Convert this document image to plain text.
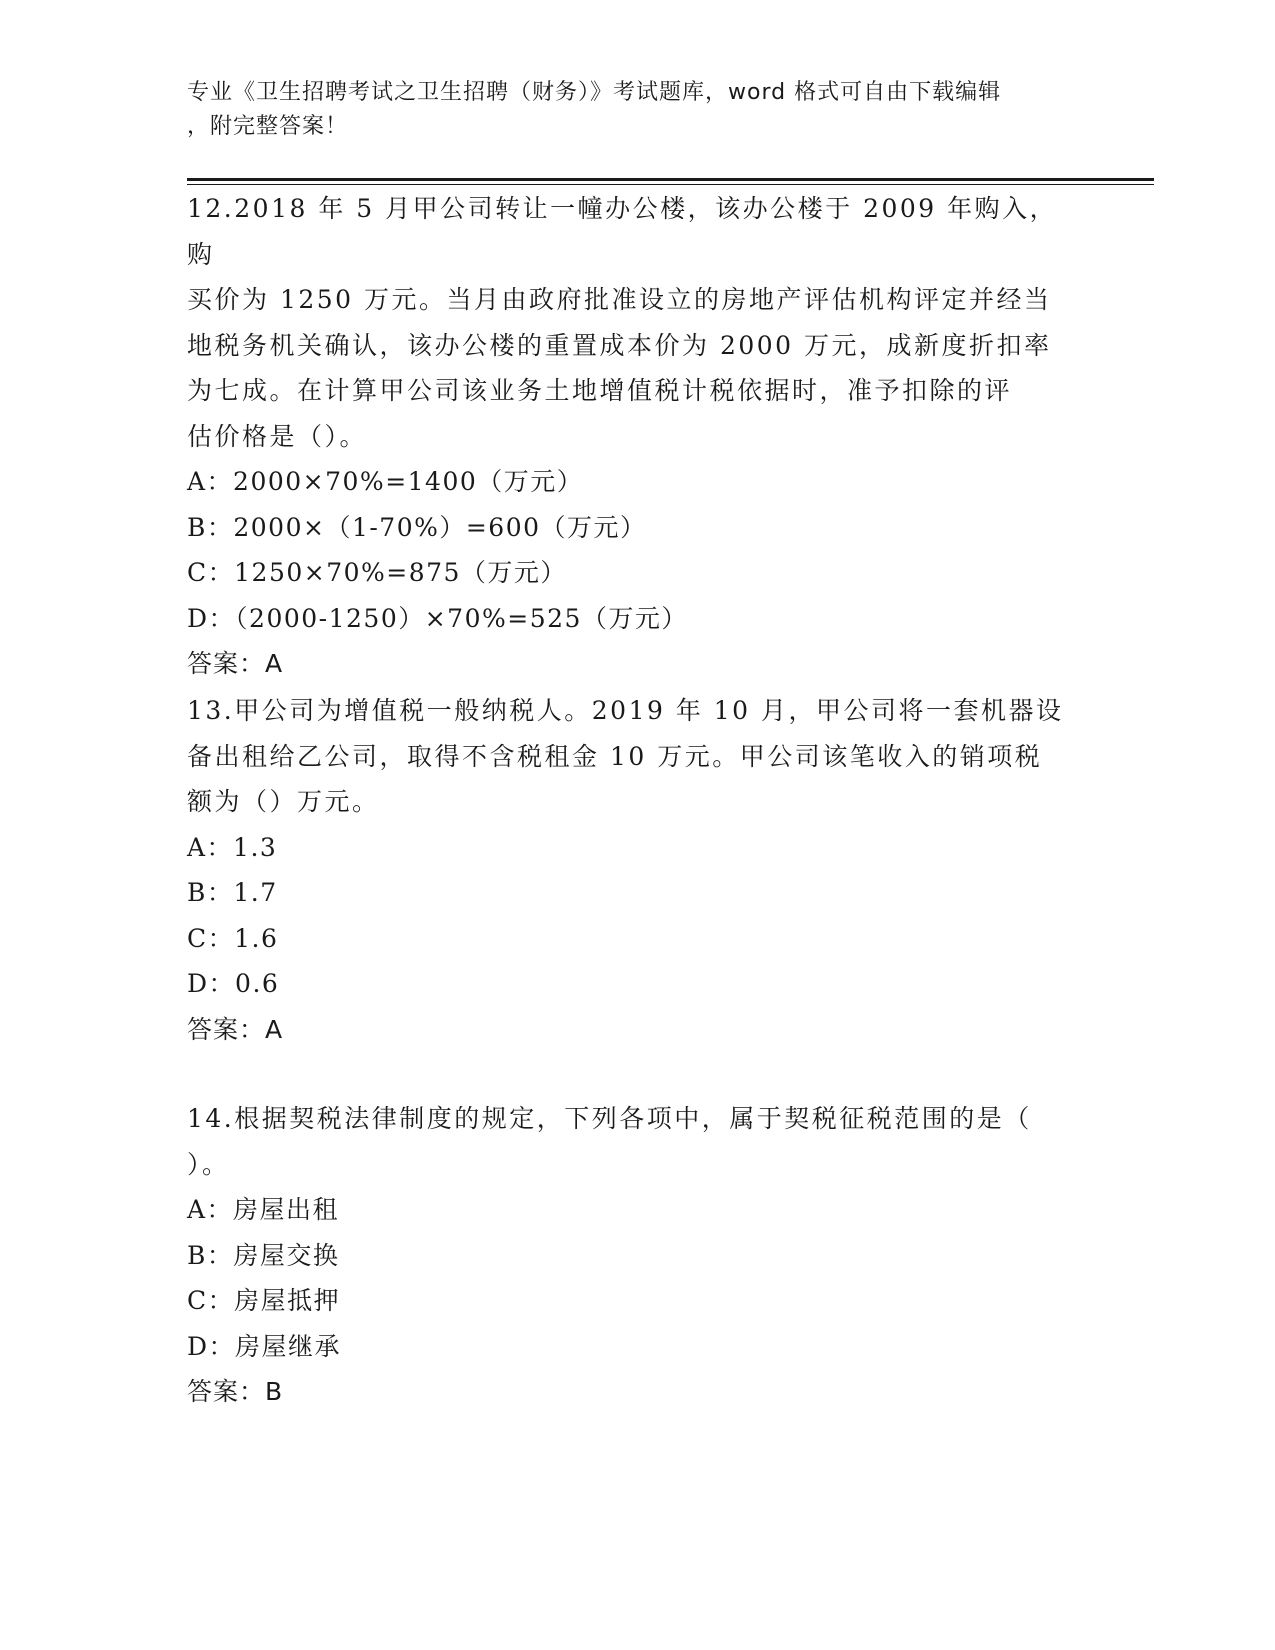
专业《卫生招聘考试之卫生招聘（财务）》考试题库，word 格式可自由下载编辑
，附完整答案！

12.2018 年 5 月甲公司转让一幢办公楼，该办公楼于 2009 年购入，购

买价为 1250 万元。当月由政府批准设立的房地产评估机构评定并经当

地税务机关确认，该办公楼的重置成本价为 2000 万元，成新度折扣率

为七成。在计算甲公司该业务土地增值税计税依据时，准予扣除的评

估价格是（）。

A：2000×70%=1400（万元）

B：2000×（1-70%）=600（万元）

C：1250×70%=875（万元）

D：（2000-1250）×70%=525（万元）

答案：A

13.甲公司为增值税一般纳税人。2019 年 10 月，甲公司将一套机器设

备出租给乙公司，取得不含税租金 10 万元。甲公司该笔收入的销项税

额为（）万元。

A：1.3

B：1.7

C：1.6

D：0.6

答案：A

14.根据契税法律制度的规定，下列各项中，属于契税征税范围的是（

）。

A：房屋出租

B：房屋交换

C：房屋抵押

D：房屋继承

答案：B
